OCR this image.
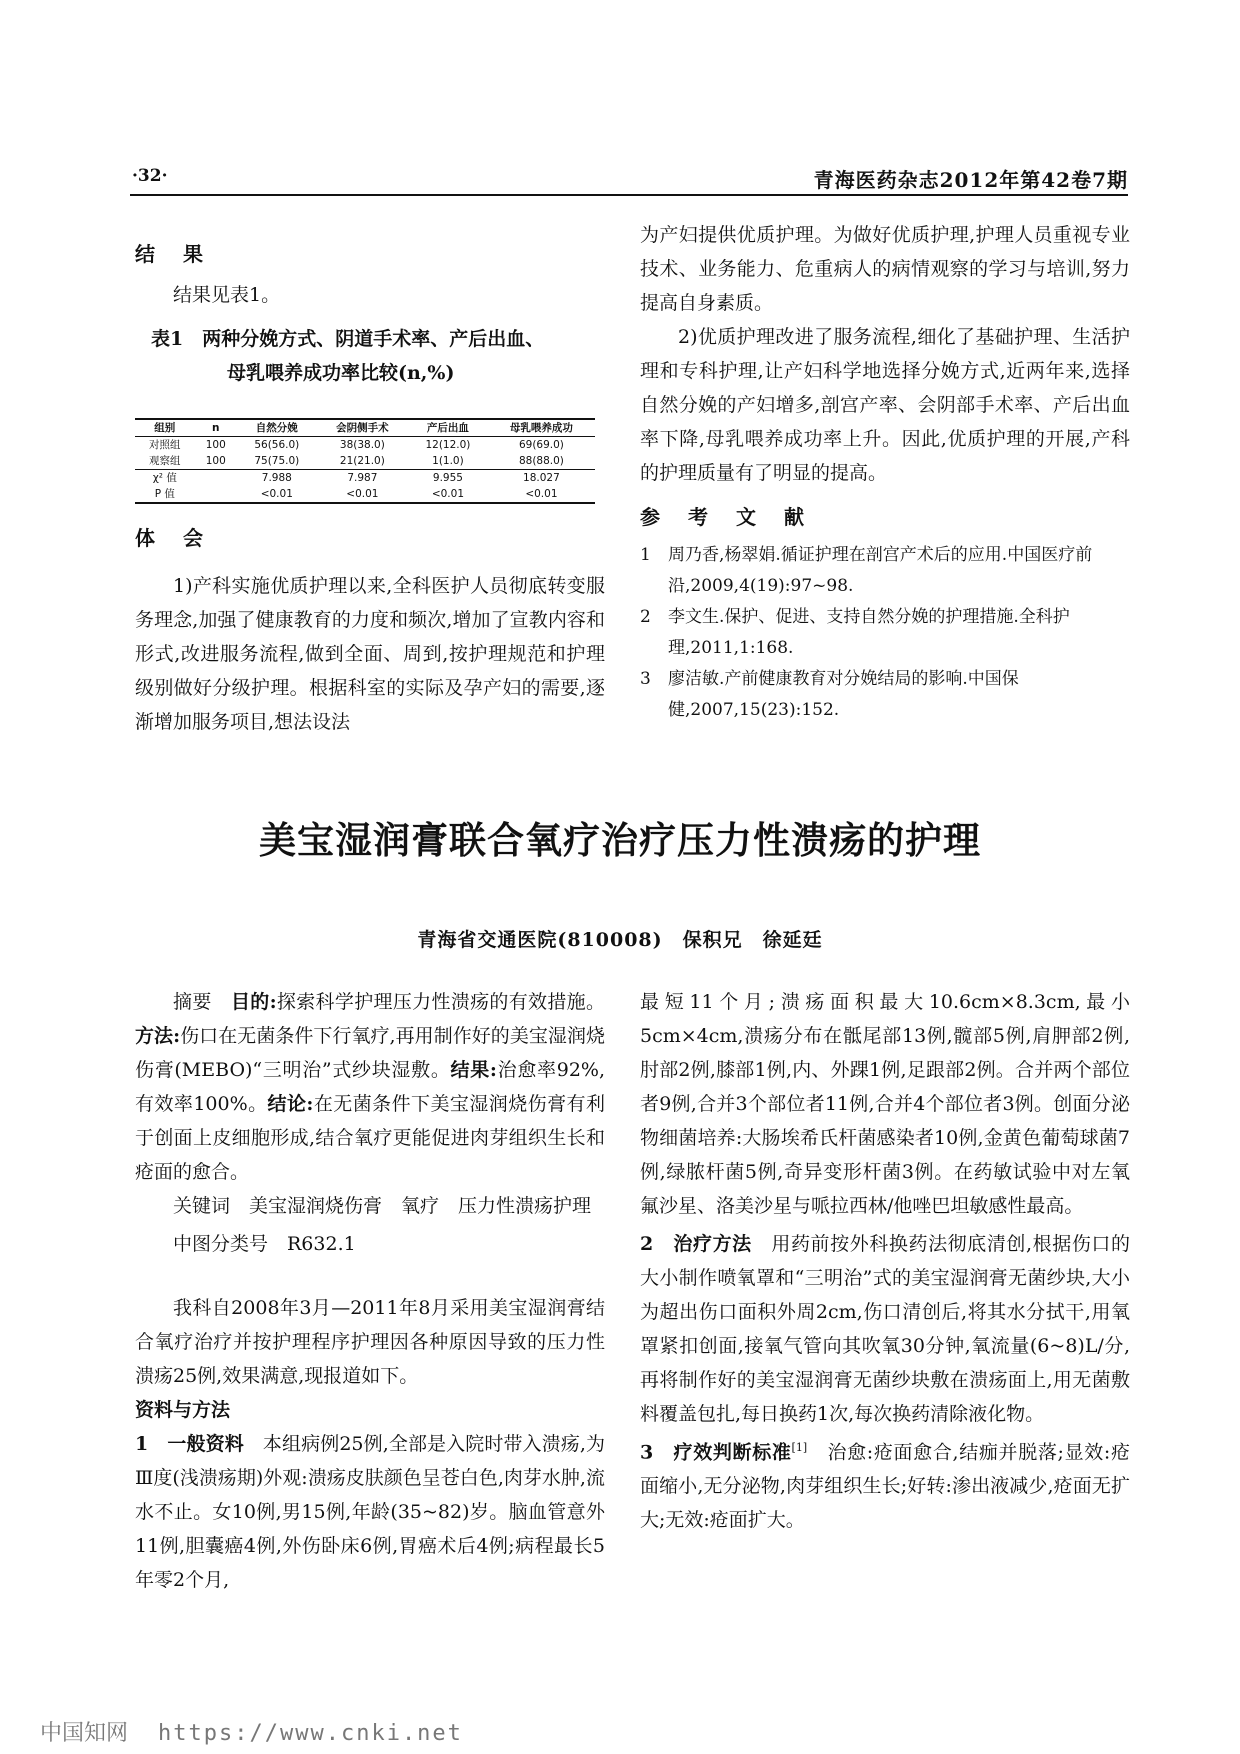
·32·	青海医药杂志2012年第42卷7期

结果

结果见表1。

表1　两种分娩方式、阴道手术率、产后出血、
母乳喂养成功率比较(n,%)
组别	n	自然分娩	会阴侧手术	产后出血	母乳喂养成功
对照组	100	56(56.0)	38(38.0)	12(12.0)	69(69.0)
观察组	100	75(75.0)	21(21.0)	1(1.0)	88(88.0)
χ² 值		7.988	7.987	9.955	18.027
P 值		<0.01	<0.01	<0.01	<0.01

体会

1)产科实施优质护理以来,全科医护人员彻底转变服务理念,加强了健康教育的力度和频次,增加了宣教内容和形式,改进服务流程,做到全面、周到,按护理规范和护理级别做好分级护理。根据科室的实际及孕产妇的需要,逐渐增加服务项目,想法设法

为产妇提供优质护理。为做好优质护理,护理人员重视专业技术、业务能力、危重病人的病情观察的学习与培训,努力提高自身素质。

2)优质护理改进了服务流程,细化了基础护理、生活护理和专科护理,让产妇科学地选择分娩方式,近两年来,选择自然分娩的产妇增多,剖宫产率、会阴部手术率、产后出血率下降,母乳喂养成功率上升。因此,优质护理的开展,产科的护理质量有了明显的提高。

参考文献

1	周乃香,杨翠娟.循证护理在剖宫产术后的应用.中国医疗前沿,2009,4(19):97~98.
2	李文生.保护、促进、支持自然分娩的护理措施.全科护理,2011,1:168.
3	廖洁敏.产前健康教育对分娩结局的影响.中国保健,2007,15(23):152.
美宝湿润膏联合氧疗治疗压力性溃疡的护理
青海省交通医院(810008)　保积兄　徐延廷

摘要　目的:探索科学护理压力性溃疡的有效措施。方法:伤口在无菌条件下行氧疗,再用制作好的美宝湿润烧伤膏(MEBO)“三明治”式纱块湿敷。结果:治愈率92%,有效率100%。结论:在无菌条件下美宝湿润烧伤膏有利于创面上皮细胞形成,结合氧疗更能促进肉芽组织生长和疮面的愈合。

关键词　美宝湿润烧伤膏　氧疗　压力性溃疡护理

中图分类号　R632.1

我科自2008年3月—2011年8月采用美宝湿润膏结合氧疗治疗并按护理程序护理因各种原因导致的压力性溃疡25例,效果满意,现报道如下。

资料与方法

1　一般资料　本组病例25例,全部是入院时带入溃疡,为Ⅲ度(浅溃疡期)外观:溃疡皮肤颜色呈苍白色,肉芽水肿,流水不止。女10例,男15例,年龄(35~82)岁。脑血管意外11例,胆囊癌4例,外伤卧床6例,胃癌术后4例;病程最长5年零2个月,

最短11个月;溃疡面积最大10.6cm×8.3cm,最小5cm×4cm,溃疡分布在骶尾部13例,髋部5例,肩胛部2例,肘部2例,膝部1例,内、外踝1例,足跟部2例。合并两个部位者9例,合并3个部位者11例,合并4个部位者3例。创面分泌物细菌培养:大肠埃希氏杆菌感染者10例,金黄色葡萄球菌7例,绿脓杆菌5例,奇异变形杆菌3例。在药敏试验中对左氧氟沙星、洛美沙星与哌拉西林/他唑巴坦敏感性最高。

2　治疗方法　用药前按外科换药法彻底清创,根据伤口的大小制作喷氧罩和“三明治”式的美宝湿润膏无菌纱块,大小为超出伤口面积外周2cm,伤口清创后,将其水分拭干,用氧罩紧扣创面,接氧气管向其吹氧30分钟,氧流量(6~8)L/分,再将制作好的美宝湿润膏无菌纱块敷在溃疡面上,用无菌敷料覆盖包扎,每日换药1次,每次换药清除液化物。

3　疗效判断标准[1]　治愈:疮面愈合,结痂并脱落;显效:疮面缩小,无分泌物,肉芽组织生长;好转:渗出液减少,疮面无扩大;无效:疮面扩大。

中国知网 https://www.cnki.net
